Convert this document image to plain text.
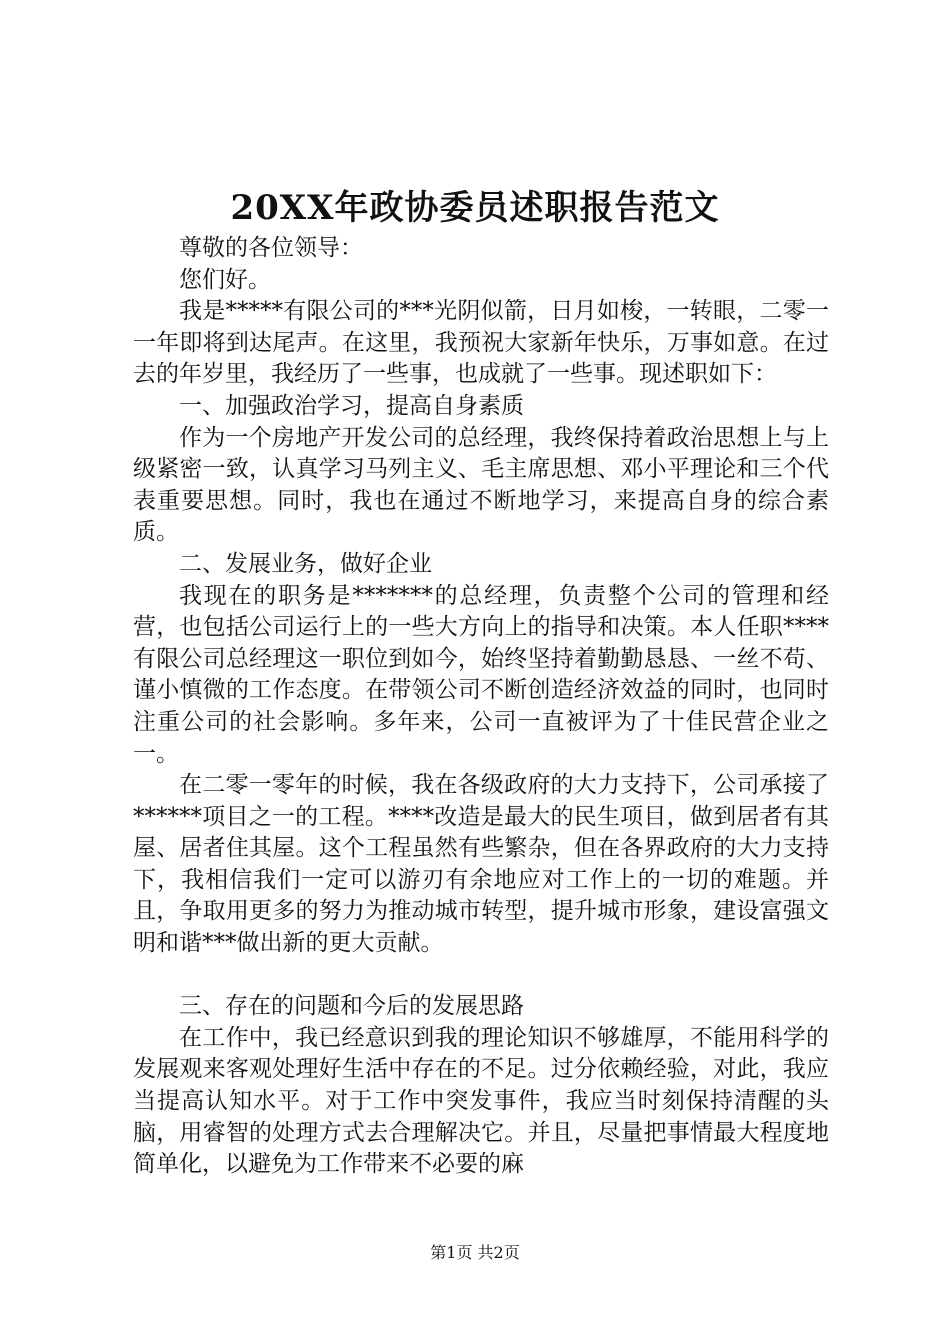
20XX年政协委员述职报告范文

尊敬的各位领导：

您们好。

我是*****有限公司的***光阴似箭，日月如梭，一转眼，二零一一年即将到达尾声。在这里，我预祝大家新年快乐，万事如意。在过去的年岁里，我经历了一些事，也成就了一些事。现述职如下：

一、加强政治学习，提高自身素质

作为一个房地产开发公司的总经理，我终保持着政治思想上与上级紧密一致，认真学习马列主义、毛主席思想、邓小平理论和三个代表重要思想。同时，我也在通过不断地学习，来提高自身的综合素质。

二、发展业务，做好企业

我现在的职务是*******的总经理，负责整个公司的管理和经营，也包括公司运行上的一些大方向上的指导和决策。本人任职****有限公司总经理这一职位到如今，始终坚持着勤勤恳恳、一丝不苟、谨小慎微的工作态度。在带领公司不断创造经济效益的同时，也同时注重公司的社会影响。多年来，公司一直被评为了十佳民营企业之一。

在二零一零年的时候，我在各级政府的大力支持下，公司承接了******项目之一的工程。****改造是最大的民生项目，做到居者有其屋、居者住其屋。这个工程虽然有些繁杂，但在各界政府的大力支持下，我相信我们一定可以游刃有余地应对工作上的一切的难题。并且，争取用更多的努力为推动城市转型，提升城市形象，建设富强文明和谐***做出新的更大贡献。

三、存在的问题和今后的发展思路

在工作中，我已经意识到我的理论知识不够雄厚，不能用科学的发展观来客观处理好生活中存在的不足。过分依赖经验，对此，我应当提高认知水平。对于工作中突发事件，我应当时刻保持清醒的头脑，用睿智的处理方式去合理解决它。并且，尽量把事情最大程度地简单化，以避免为工作带来不必要的麻

第1页 共2页
